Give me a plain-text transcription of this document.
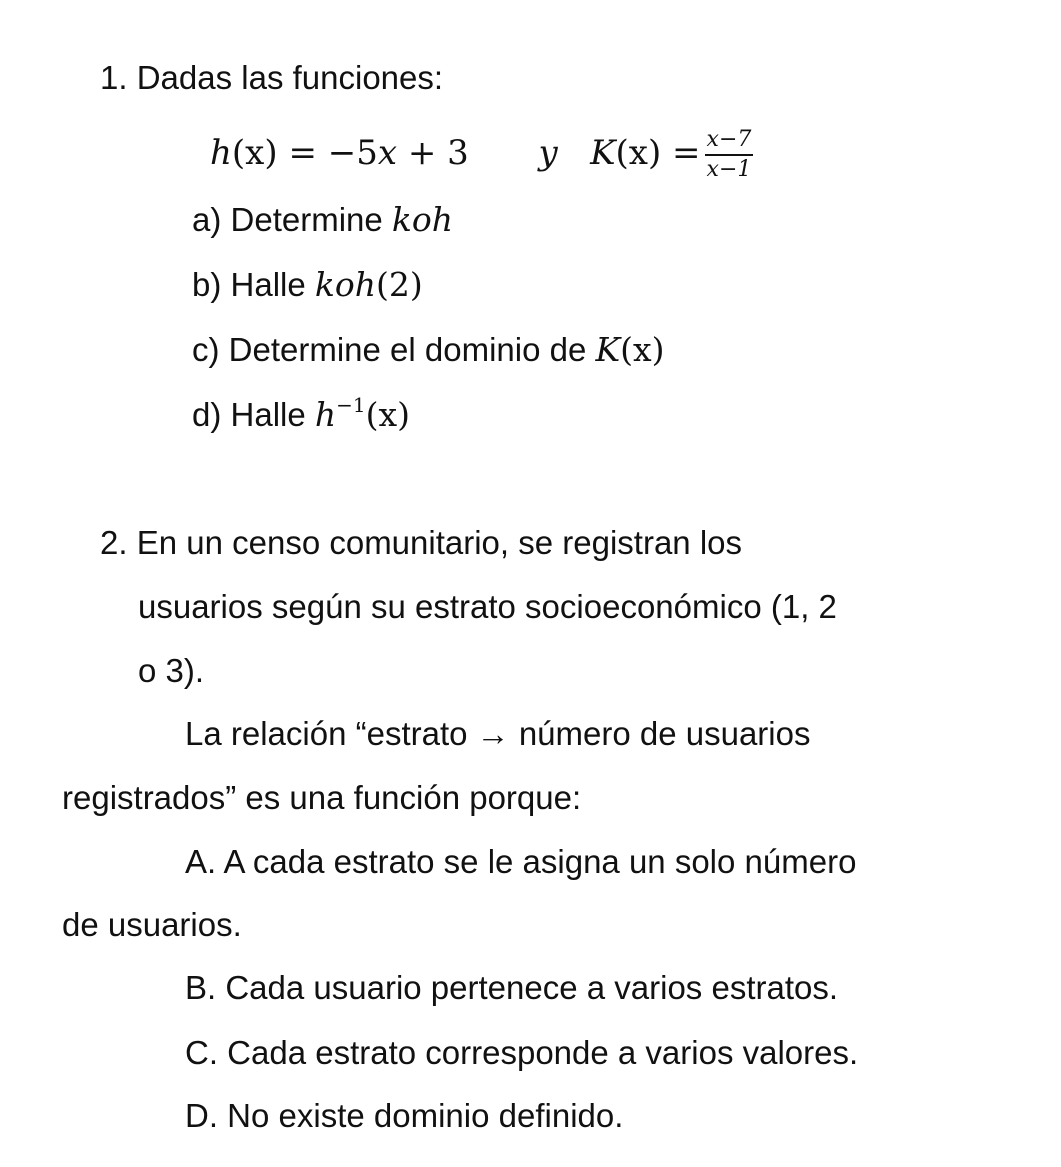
1. Dadas las funciones:
h(x) = −5x + 3 y $K(x) = \frac{x-7}{x-1}$
a) Determine koh
b) Halle koh(2)
c) Determine el dominio de K(x)
d) Halle $h^{-1}(x)$
2. En un censo comunitario, se registran los
usuarios según su estrato socioeconómico (1, 2
o 3).
La relación “estrato → número de usuarios
registrados” es una función porque:
A. A cada estrato se le asigna un solo número
de usuarios.
B. Cada usuario pertenece a varios estratos.
C. Cada estrato corresponde a varios valores.
D. No existe dominio definido.
